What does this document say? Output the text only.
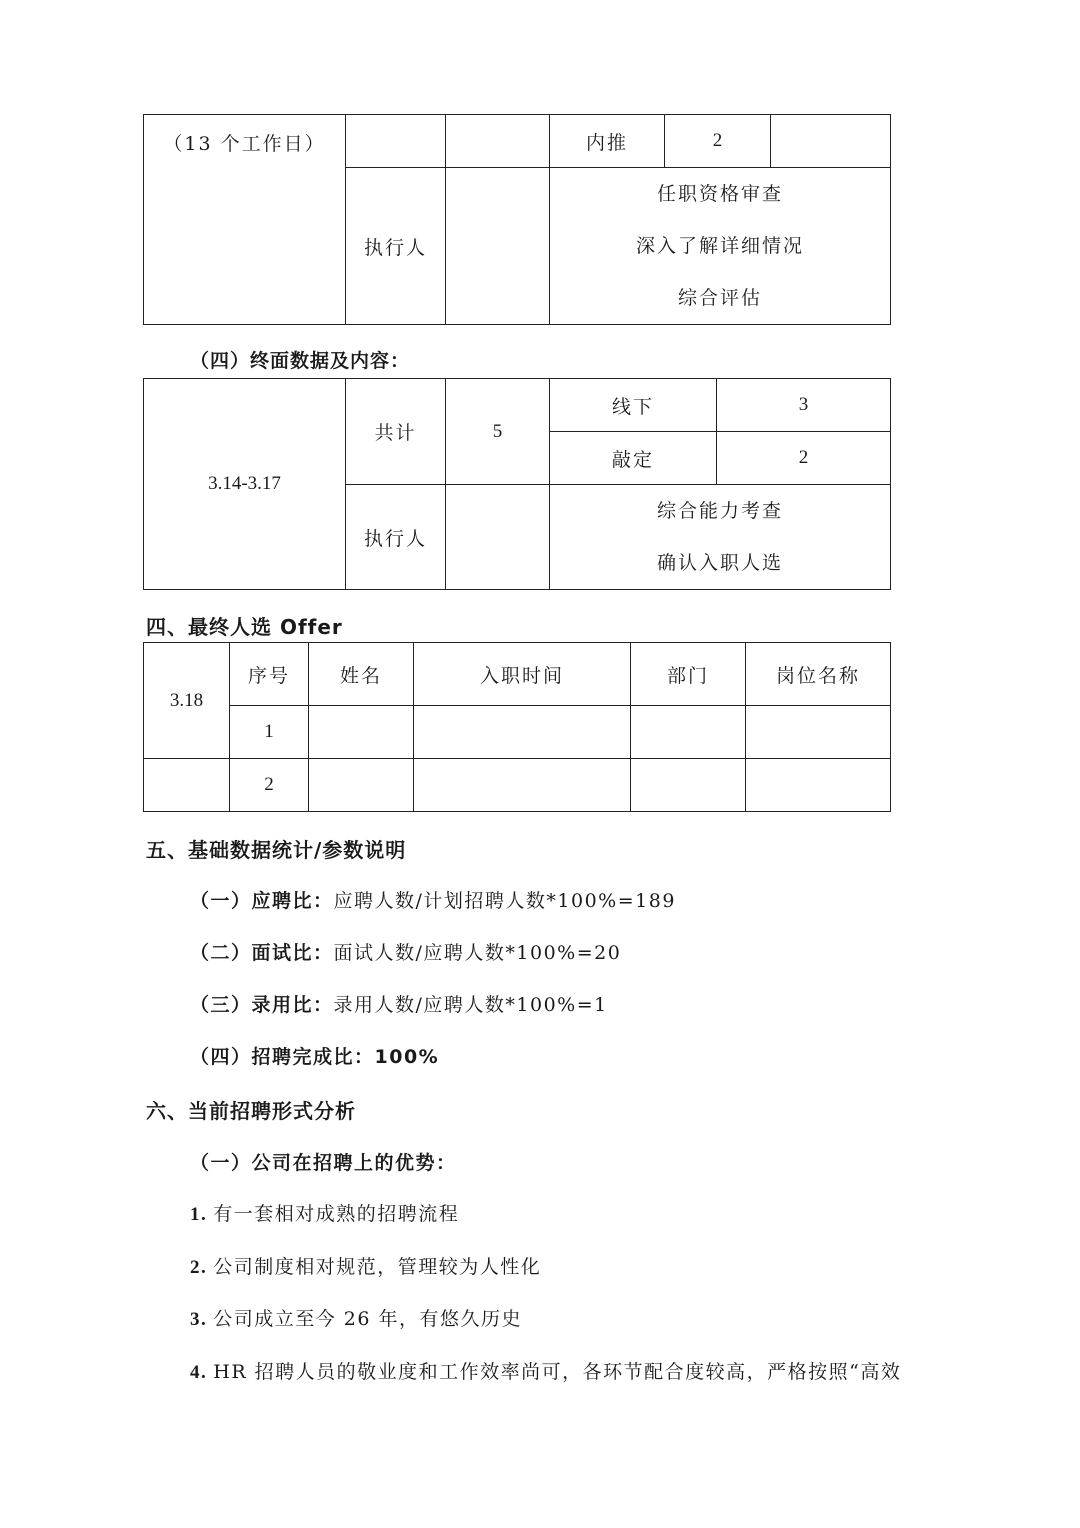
（13 个工作日）			内推	2	
	执行人		任职资格审查
深入了解详细情况
综合评估		
（四）终面数据及内容：
3.14-3.17	共计	5	线下	3
			敲定	2
	执行人		综合能力考查
确认入职人选	

四、最终人选 Offer
3.18	序号	姓名	入职时间	部门	岗位名称
	1				
	2				
五、基础数据统计/参数说明
（一）应聘比：应聘人数/计划招聘人数*100%=189
（二）面试比：面试人数/应聘人数*100%=20
（三）录用比：录用人数/应聘人数*100%=1
（四）招聘完成比：100%
六、当前招聘形式分析
（一）公司在招聘上的优势：
1. 有一套相对成熟的招聘流程
2. 公司制度相对规范，管理较为人性化
3. 公司成立至今 26 年，有悠久历史
4. HR 招聘人员的敬业度和工作效率尚可，各环节配合度较高，严格按照“高效
